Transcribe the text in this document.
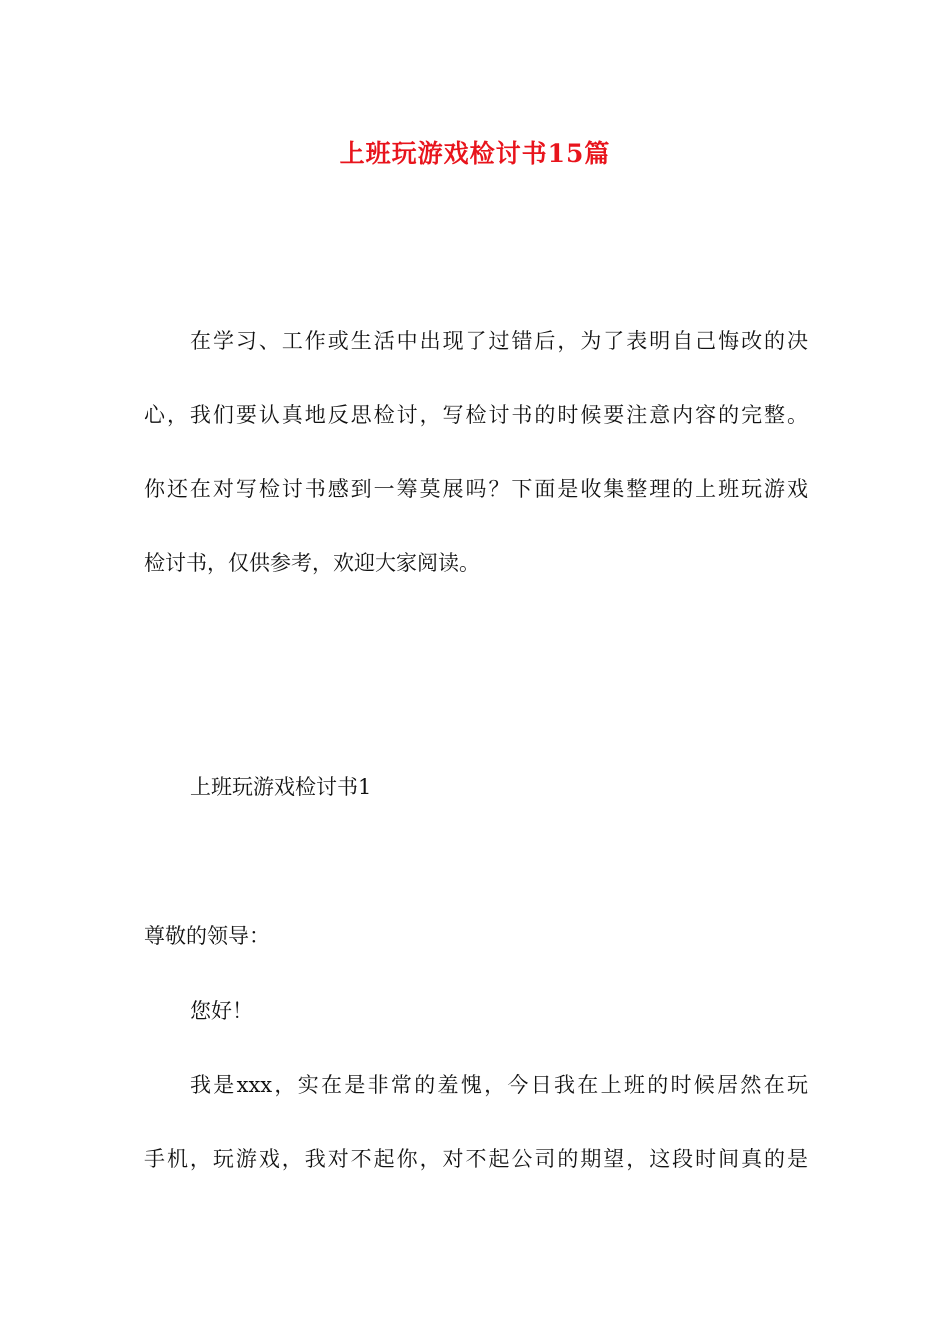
上班玩游戏检讨书15篇

在学习、工作或生活中出现了过错后，为了表明自己悔改的决

心，我们要认真地反思检讨，写检讨书的时候要注意内容的完整。

你还在对写检讨书感到一筹莫展吗？下面是收集整理的上班玩游戏

检讨书，仅供参考，欢迎大家阅读。

上班玩游戏检讨书1

尊敬的领导：

您好！

我是xxx，实在是非常的羞愧，今日我在上班的时候居然在玩

手机，玩游戏，我对不起你，对不起公司的期望，这段时间真的是
